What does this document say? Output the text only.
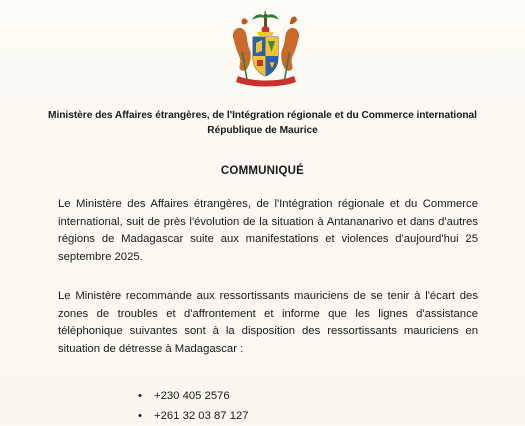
Ministère des Affaires étrangères, de l'Intégration régionale et du Commerce international
République de Maurice
COMMUNIQUÉ
Le Ministère des Affaires étrangères, de l'Intégration régionale et du Commerce international, suit de près l'évolution de la situation à Antananarivo et dans d'autres régions de Madagascar suite aux manifestations et violences d'aujourd'hui 25 septembre 2025.
Le Ministère recommande aux ressortissants mauriciens de se tenir à l'écart des zones de troubles et d'affrontement et informe que les lignes d'assistance téléphonique suivantes sont à la disposition des ressortissants mauriciens en situation de détresse à Madagascar :
• +230 405 2576
• +261 32 03 87 127
